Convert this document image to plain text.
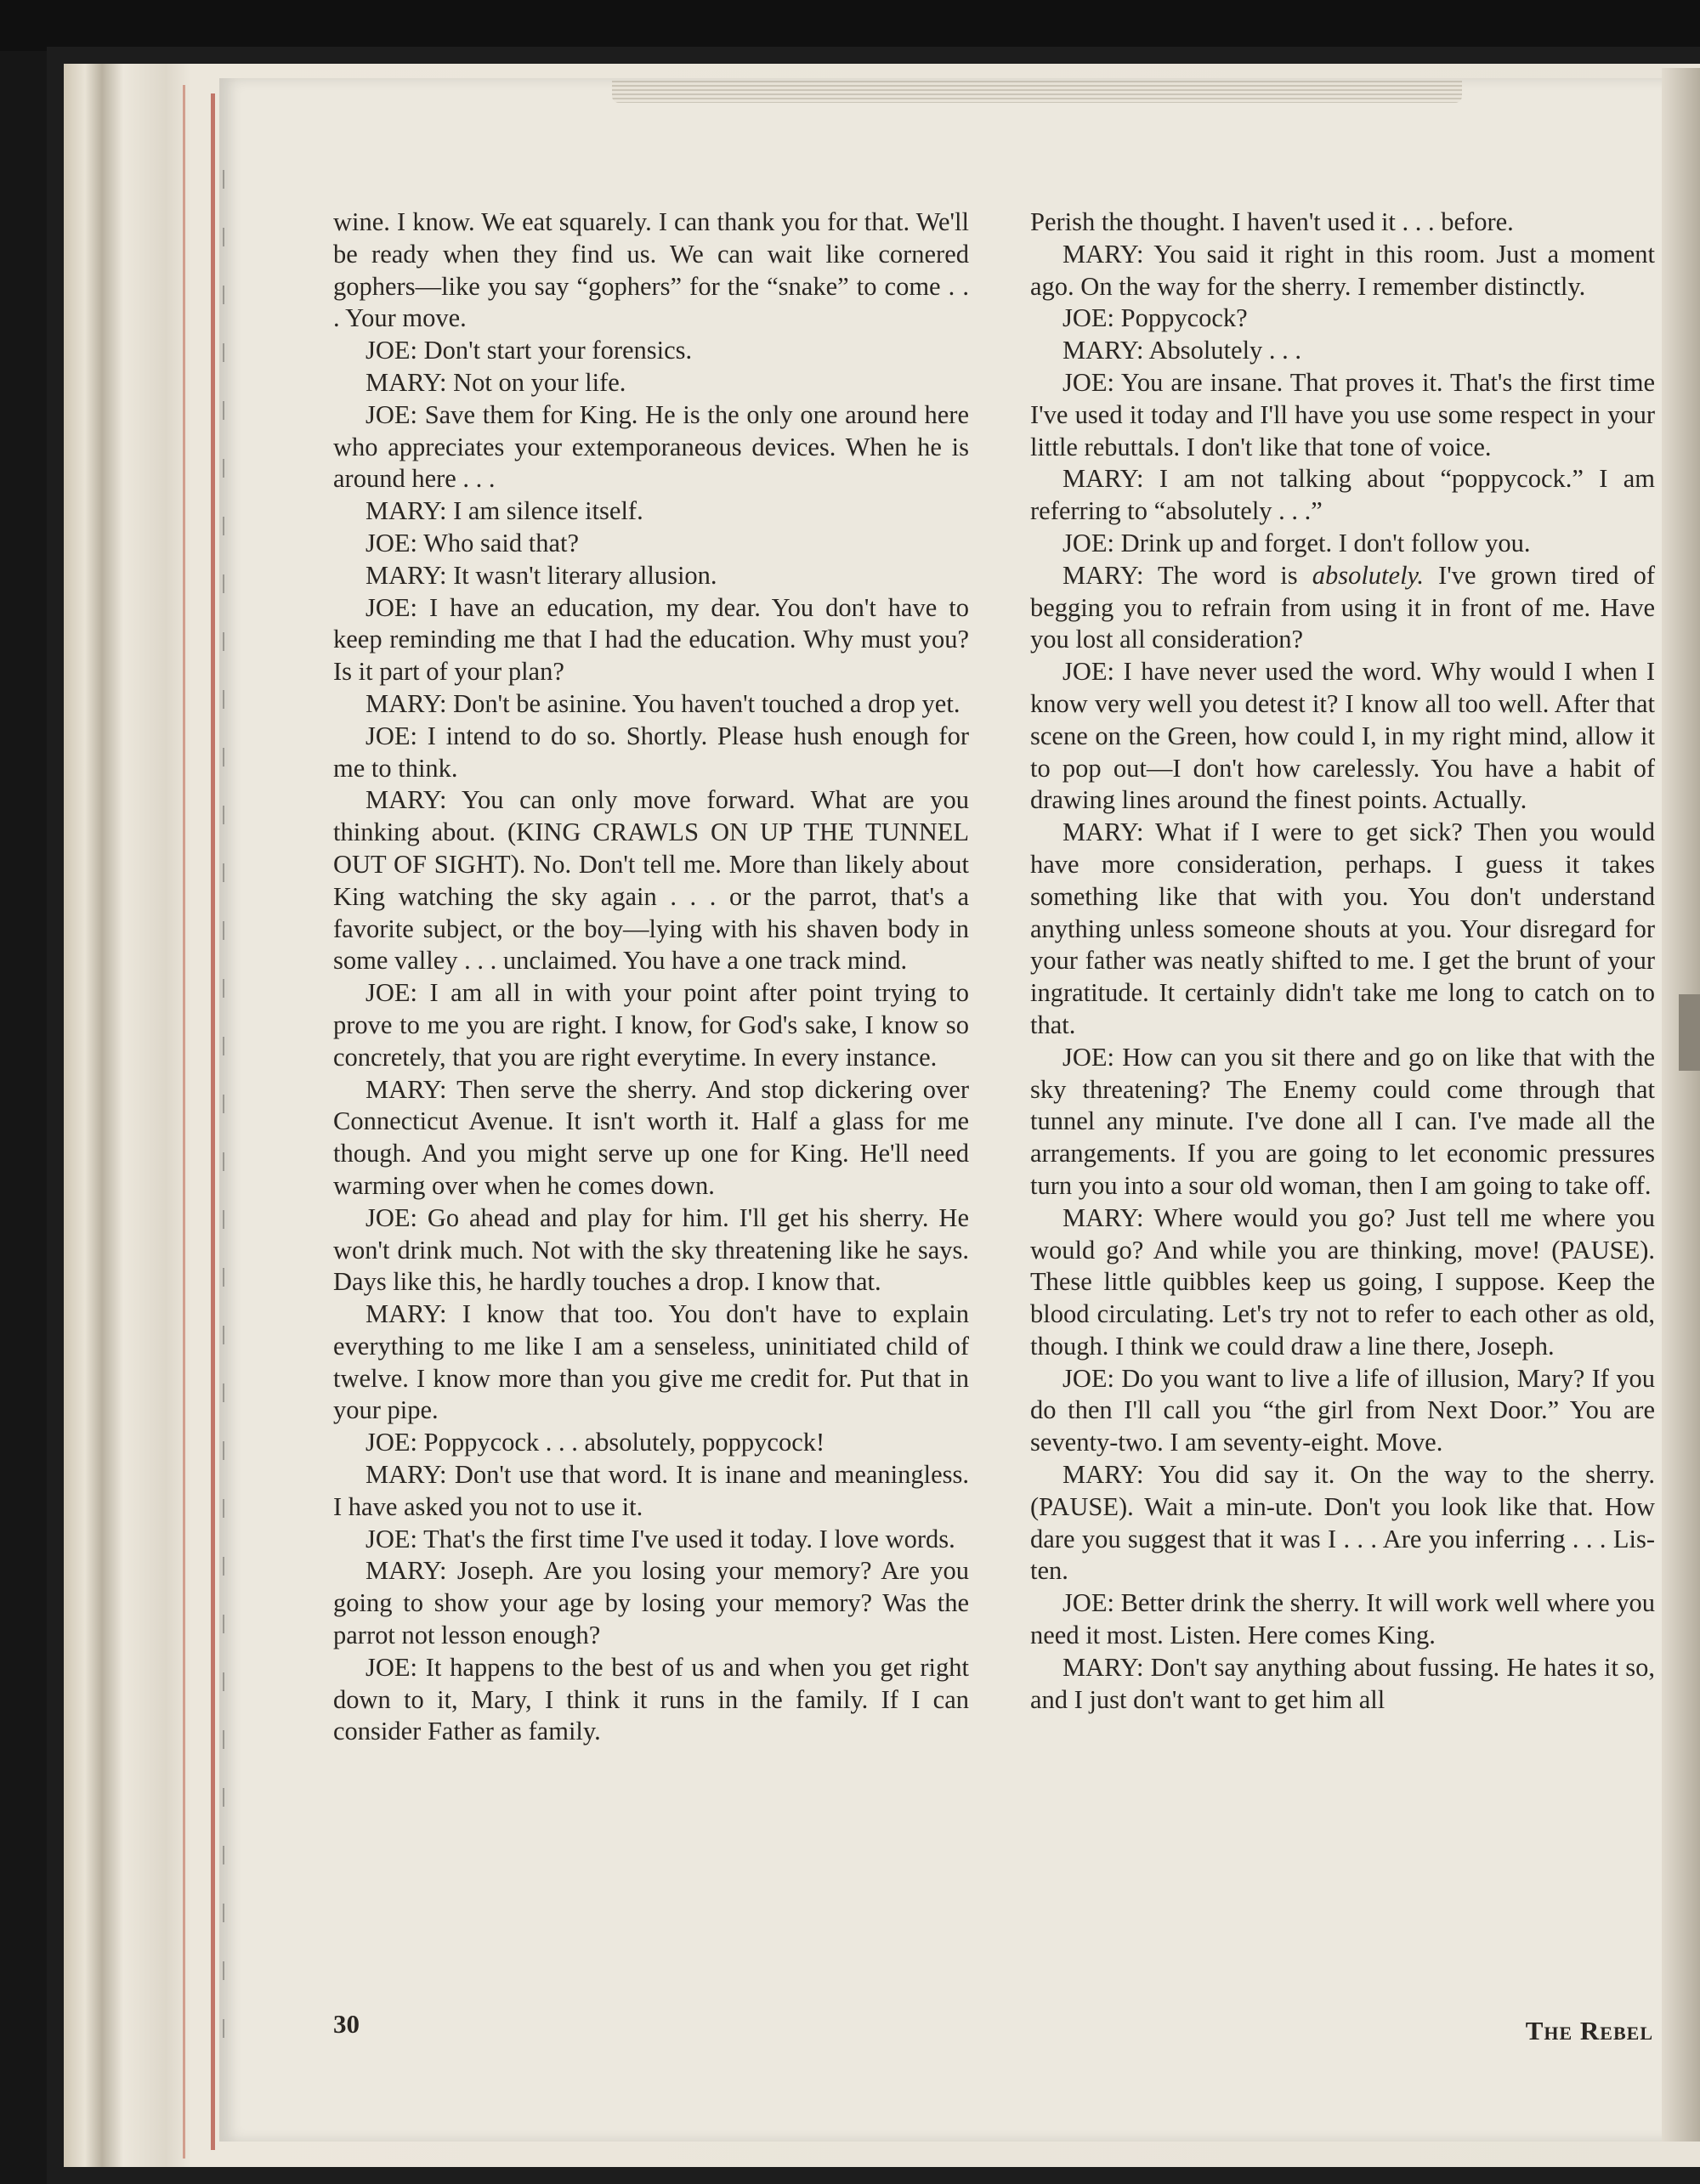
wine. I know. We eat squarely. I can thank you for that. We'll be ready when they find us. We can wait like cornered gophers—like you say “gophers” for the “snake” to come . . . Your move.

JOE: Don't start your forensics.

MARY: Not on your life.

JOE: Save them for King. He is the only one around here who appreciates your extemporaneous devices. When he is around here . . .

MARY: I am silence itself.

JOE: Who said that?

MARY: It wasn't literary allusion.

JOE: I have an education, my dear. You don't have to keep reminding me that I had the education. Why must you? Is it part of your plan?

MARY: Don't be asinine. You haven't touched a drop yet.

JOE: I intend to do so. Shortly. Please hush enough for me to think.

MARY: You can only move forward. What are you thinking about. (KING CRAWLS ON UP THE TUNNEL OUT OF SIGHT). No. Don't tell me. More than likely about King watching the sky again . . . or the parrot, that's a favorite subject, or the boy—lying with his shaven body in some valley . . . unclaimed. You have a one track mind.

JOE: I am all in with your point after point trying to prove to me you are right. I know, for God's sake, I know so concretely, that you are right everytime. In every instance.

MARY: Then serve the sherry. And stop dickering over Connecticut Avenue. It isn't worth it. Half a glass for me though. And you might serve up one for King. He'll need warming over when he comes down.

JOE: Go ahead and play for him. I'll get his sherry. He won't drink much. Not with the sky threatening like he says. Days like this, he hardly touches a drop. I know that.

MARY: I know that too. You don't have to explain everything to me like I am a senseless, uninitiated child of twelve. I know more than you give me credit for. Put that in your pipe.

JOE: Poppycock . . . absolutely, poppycock!

MARY: Don't use that word. It is inane and meaningless. I have asked you not to use it.

JOE: That's the first time I've used it today. I love words.

MARY: Joseph. Are you losing your memory? Are you going to show your age by losing your memory? Was the parrot not lesson enough?

JOE: It happens to the best of us and when you get right down to it, Mary, I think it runs in the family. If I can consider Father as family.

Perish the thought. I haven't used it . . . before.

MARY: You said it right in this room. Just a moment ago. On the way for the sherry. I remember distinctly.

JOE: Poppycock?

MARY: Absolutely . . .

JOE: You are insane. That proves it. That's the first time I've used it today and I'll have you use some respect in your little rebuttals. I don't like that tone of voice.

MARY: I am not talking about “poppycock.” I am referring to “absolutely . . .”

JOE: Drink up and forget. I don't follow you.

MARY: The word is absolutely. I've grown tired of begging you to refrain from using it in front of me. Have you lost all consideration?

JOE: I have never used the word. Why would I when I know very well you detest it? I know all too well. After that scene on the Green, how could I, in my right mind, allow it to pop out—I don't how carelessly. You have a habit of drawing lines around the finest points. Actually.

MARY: What if I were to get sick? Then you would have more consideration, perhaps. I guess it takes something like that with you. You don't understand anything unless someone shouts at you. Your disregard for your father was neatly shifted to me. I get the brunt of your ingratitude. It certainly didn't take me long to catch on to that.

JOE: How can you sit there and go on like that with the sky threatening? The Enemy could come through that tunnel any minute. I've done all I can. I've made all the arrangements. If you are going to let economic pressures turn you into a sour old woman, then I am going to take off.

MARY: Where would you go? Just tell me where you would go? And while you are thinking, move! (PAUSE). These little quibbles keep us going, I suppose. Keep the blood circulating. Let's try not to refer to each other as old, though. I think we could draw a line there, Joseph.

JOE: Do you want to live a life of illusion, Mary? If you do then I'll call you “the girl from Next Door.” You are seventy-two. I am seventy-eight. Move.

MARY: You did say it. On the way to the sherry. (PAUSE). Wait a min-ute. Don't you look like that. How dare you suggest that it was I . . . Are you inferring . . . Lis-ten.

JOE: Better drink the sherry. It will work well where you need it most. Listen. Here comes King.

MARY: Don't say anything about fussing. He hates it so, and I just don't want to get him all

30	The Rebel
